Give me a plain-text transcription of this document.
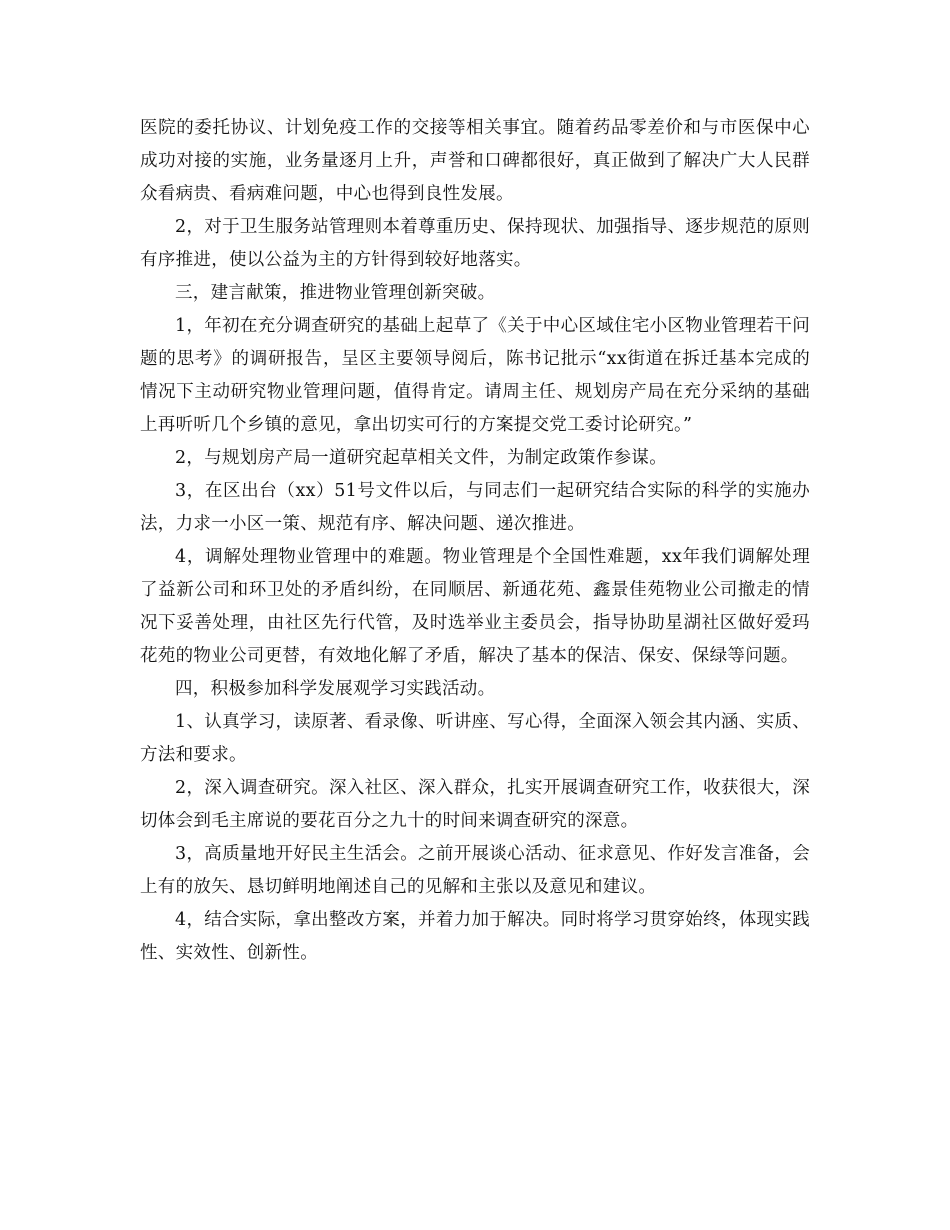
医院的委托协议、计划免疫工作的交接等相关事宜。随着药品零差价和与市医保中心成功对接的实施，业务量逐月上升，声誉和口碑都很好，真正做到了解决广大人民群众看病贵、看病难问题，中心也得到良性发展。

2，对于卫生服务站管理则本着尊重历史、保持现状、加强指导、逐步规范的原则有序推进，使以公益为主的方针得到较好地落实。

三，建言献策，推进物业管理创新突破。

1，年初在充分调查研究的基础上起草了《关于中心区域住宅小区物业管理若干问题的思考》的调研报告，呈区主要领导阅后，陈书记批示“xx街道在拆迁基本完成的情况下主动研究物业管理问题，值得肯定。请周主任、规划房产局在充分采纳的基础上再听听几个乡镇的意见，拿出切实可行的方案提交党工委讨论研究。”

2，与规划房产局一道研究起草相关文件，为制定政策作参谋。

3，在区出台（xx）51号文件以后，与同志们一起研究结合实际的科学的实施办法，力求一小区一策、规范有序、解决问题、递次推进。

4，调解处理物业管理中的难题。物业管理是个全国性难题，xx年我们调解处理了益新公司和环卫处的矛盾纠纷，在同顺居、新通花苑、鑫景佳苑物业公司撤走的情况下妥善处理，由社区先行代管，及时选举业主委员会，指导协助星湖社区做好爱玛花苑的物业公司更替，有效地化解了矛盾，解决了基本的保洁、保安、保绿等问题。

四，积极参加科学发展观学习实践活动。

1、认真学习，读原著、看录像、听讲座、写心得，全面深入领会其内涵、实质、方法和要求。

2，深入调查研究。深入社区、深入群众，扎实开展调查研究工作，收获很大，深切体会到毛主席说的要花百分之九十的时间来调查研究的深意。

3，高质量地开好民主生活会。之前开展谈心活动、征求意见、作好发言准备，会上有的放矢、恳切鲜明地阐述自己的见解和主张以及意见和建议。

4，结合实际，拿出整改方案，并着力加于解决。同时将学习贯穿始终，体现实践性、实效性、创新性。
